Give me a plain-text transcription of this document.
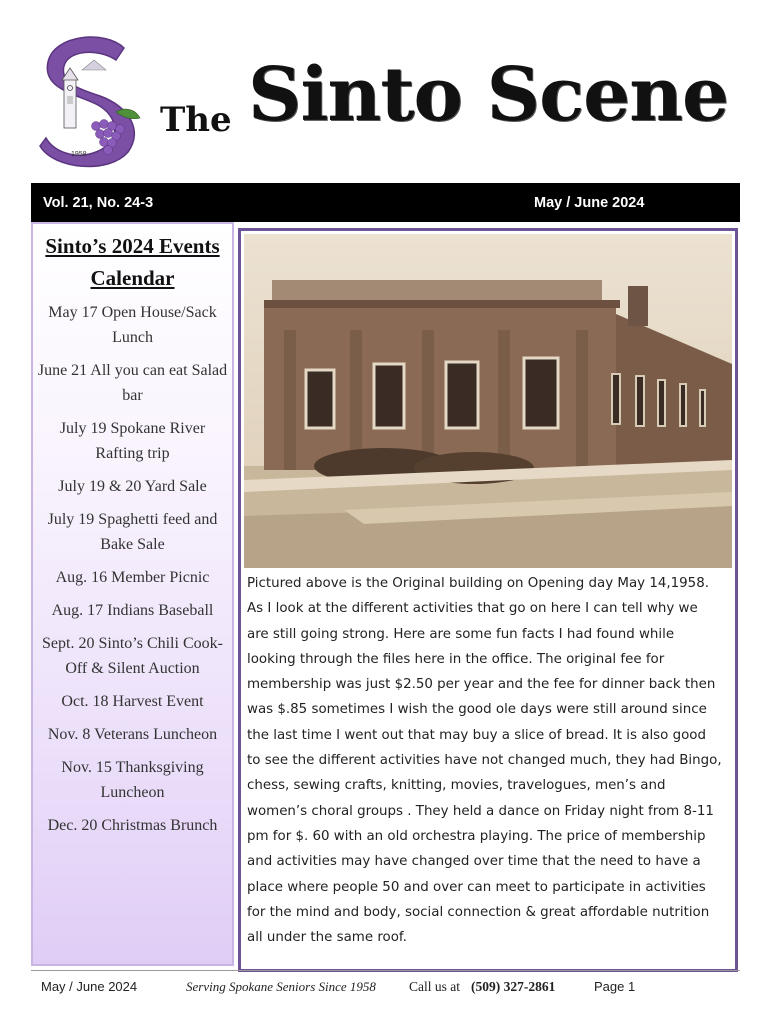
1958
The Sinto Scene
Vol. 21, No. 24-3	May / June 2024
Sinto’s 2024 Events Calendar
May 17 Open House/Sack Lunch
June 21 All you can eat Salad bar
July 19 Spokane River Rafting trip
July 19 & 20 Yard Sale
July 19 Spaghetti feed and Bake Sale
Aug. 16 Member Picnic
Aug. 17 Indians Baseball
Sept. 20 Sinto’s Chili Cook-Off & Silent Auction
Oct. 18 Harvest Event
Nov. 8 Veterans Luncheon
Nov. 15 Thanksgiving Luncheon
Dec. 20 Christmas Brunch

Pictured above is the Original building on Opening day May 14,1958. As I look at the different activities that go on here I can tell why we are still going strong. Here are some fun facts I had found while looking through the files here in the office. The original fee for membership was just $2.50 per year and the fee for dinner back then was $.85 sometimes I wish the good ole days were still around since the last time I went out that may buy a slice of bread. It is also good to see the different activities have not changed much, they had Bingo, chess, sewing crafts, knitting, movies, travelogues, men’s and women’s choral groups . They held a dance on Friday night from 8-11 pm for $. 60 with an old orchestra playing. The price of membership and activities may have changed over time that the need to have a place where people 50 and over can meet to participate in activities for the mind and body, social connection & great affordable nutrition all under the same roof.

May / June 2024	Serving Spokane Seniors Since 1958 Call us at (509) 327-2861	Page 1
